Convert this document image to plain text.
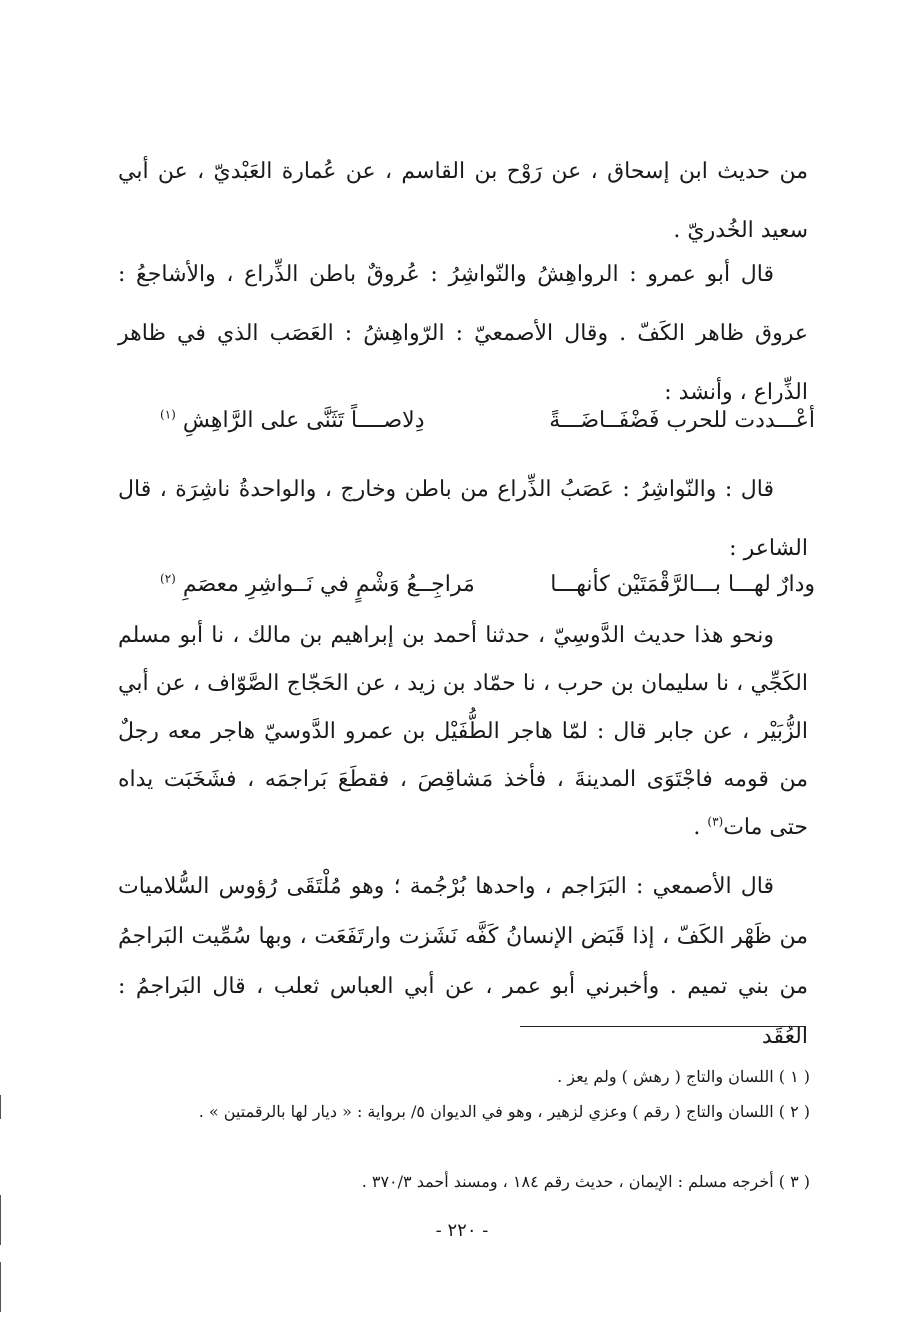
من حديث ابن إسحاق ، عن رَوْح بن القاسم ، عن عُمارة العَبْديّ ، عن أبي سعيد الخُدريّ .

قال أبو عمرو : الرواهِشُ والنّواشِرُ : عُروقٌ باطن الذِّراع ، والأشاجعُ : عروق ظاهر الكَفّ . وقال الأصمعيّ : الرّواهِشُ : العَصَب الذي في ظاهر الذِّراع ، وأنشد :

أعْـــددت للحرب فَضْفَــاضَـــةً
دِلاصــــاً تَثَنَّى على الرَّاهِشِ $^{(١)}$

قال : والنّواشِرُ : عَصَبُ الذِّراع من باطن وخارج ، والواحدةُ ناشِرَة ، قال الشاعر :

ودارٌ لهـــا بـــالرَّقْمَتَيْن كأنهـــا
مَراجِــعُ وَشْمٍ في نَــواشِرِ معصَمِ $^{(٢)}$

ونحو هذا حديث الدَّوسِيّ ، حدثنا أحمد بن إبراهيم بن مالك ، نا أبو مسلم الكَجِّي ، نا سليمان بن حرب ، نا حمّاد بن زيد ، عن الحَجّاج الصَّوّاف ، عن أبي الزُّبَيْر ، عن جابر قال : لمّا هاجر الطُّفَيْل بن عمرو الدَّوسيّ هاجر معه رجلٌ من قومه فاجْتَوَى المدينةَ ، فأخذ مَشاقِصَ ، فقطَعَ بَراجمَه ، فشَخَبَت يداه حتى مات$^{(٣)}$ .

قال الأصمعي : البَرَاجم ، واحدها بُرْجُمة ؛ وهو مُلْتَقَى رُؤوس السُّلاميات من ظَهْر الكَفّ ، إذا قَبَض الإنسانُ كَفَّه نَشَزت وارتَفَعَت ، وبها سُمِّيت البَراجمُ من بني تميم . وأخبرني أبو عمر ، عن أبي العباس ثعلب ، قال البَراجمُ : العُقَد

( ١ ) اللسان والتاج ( رهش ) ولم يعز .

( ٢ ) اللسان والتاج ( رقم ) وعزي لزهير ، وهو في الديوان ٥/ برواية : « ديار لها بالرقمتين » .

( ٣ ) أخرجه مسلم : الإيمان ، حديث رقم ١٨٤ ، ومسند أحمد ٣٧٠/٣ .

- ٢٢٠ -
